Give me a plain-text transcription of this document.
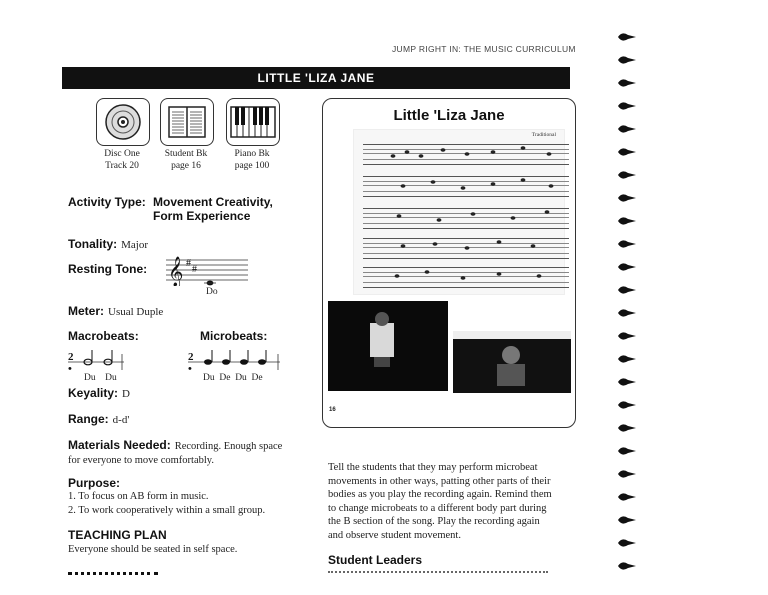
JUMP RIGHT IN: THE MUSIC CURRICULUM
LITTLE 'LIZA JANE
Disc One
Track 20
Student Bk
page 16
Piano Bk
page 100
Activity Type: Movement Creativity,
Form Experience
Tonality: Major
Resting Tone: 𝄞 #
#
Do
Meter: Usual Duple
Macrobeats:	Microbeats:
2
•
Du    Du
2
•
Du  De  Du  De
Keyality: D
Range: d-d'
Materials Needed: Recording. Enough space
for everyone to move comfortably.
Purpose:
1. To focus on AB form in music.
2. To work cooperatively within a small group.
TEACHING PLAN
Everyone should be seated in self space.
Little 'Liza Jane
Traditional
16
Tell the students that they may perform microbeat
movements in other ways, patting other parts of their
bodies as you play the recording again. Remind them
to change microbeats to a different body part during
the B section of the song. Play the recording again
and observe student movement.
Student Leaders
